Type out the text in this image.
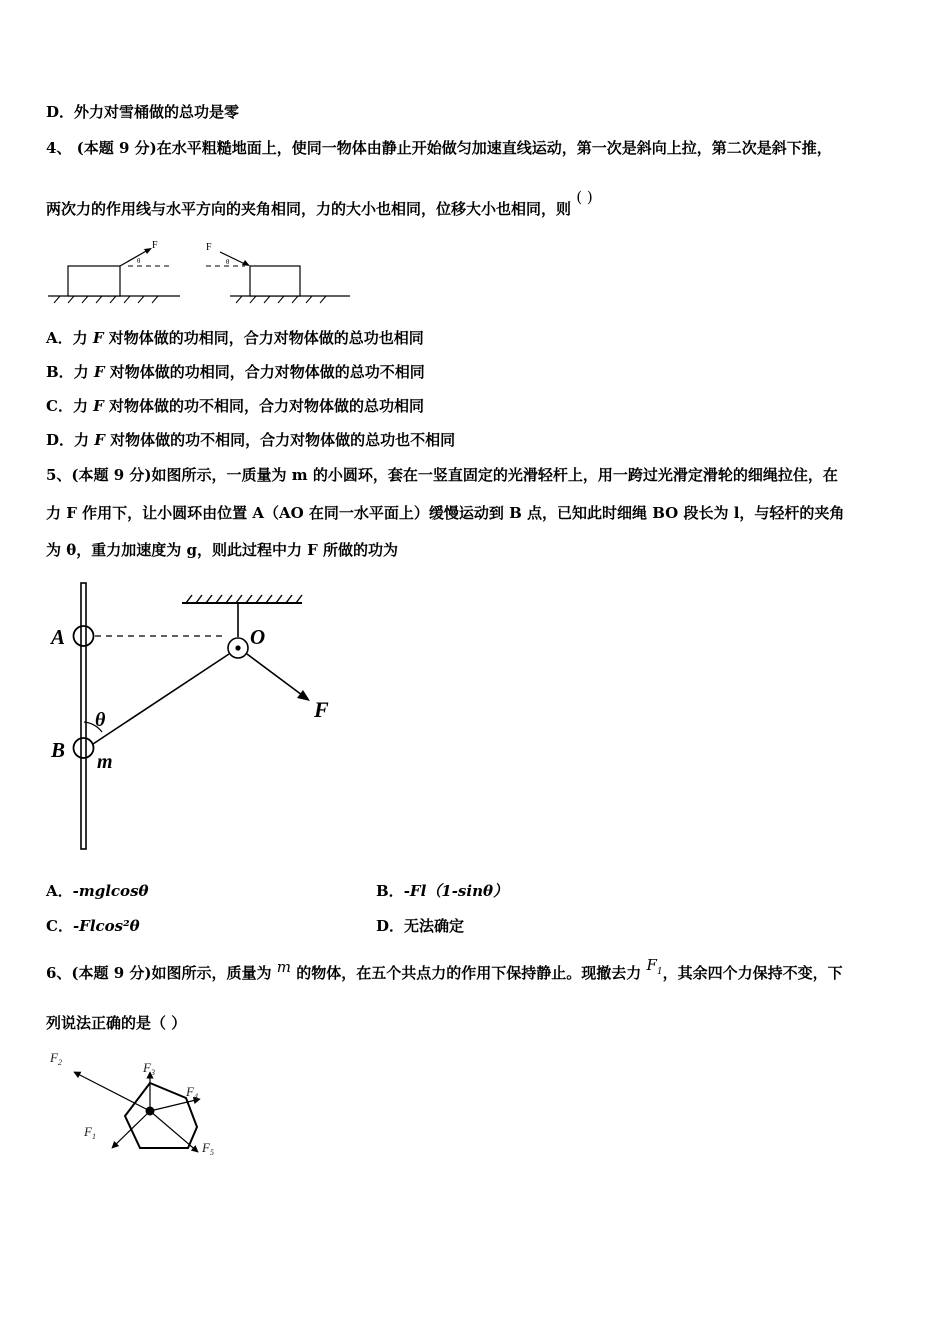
D．外力对雪桶做的总功是零
4、 (本题 9 分)在水平粗糙地面上，使同一物体由静止开始做匀加速直线运动，第一次是斜向上拉，第二次是斜下推，
两次力的作用线与水平方向的夹角相同，力的大小也相同，位移大小也相同，则 ( )
F
θ
F
θ
A．力 F 对物体做的功相同，合力对物体做的总功也相同
B．力 F 对物体做的功相同，合力对物体做的总功不相同
C．力 F 对物体做的功不相同，合力对物体做的总功相同
D．力 F 对物体做的功不相同，合力对物体做的总功也不相同
5、(本题 9 分)如图所示，一质量为 m 的小圆环，套在一竖直固定的光滑轻杆上，用一跨过光滑定滑轮的细绳拉住，在
力 F 作用下，让小圆环由位置 A（AO 在同一水平面上）缓慢运动到 B 点，已知此时细绳 BO 段长为 l，与轻杆的夹角
为 θ，重力加速度为 g，则此过程中力 F 所做的功为
A	O
F
θ
B m
A．-mglcosθ	B．-Fl（1-sinθ）
C．-Flcos²θ	D．无法确定
6、(本题 9 分)如图所示，质量为 m 的物体，在五个共点力的作用下保持静止。现撤去力 $F_1$，其余四个力保持不变，下
列说法正确的是（ ）
$F_2$	$F_3$
$F_4$
$F_1$
$F_5$
